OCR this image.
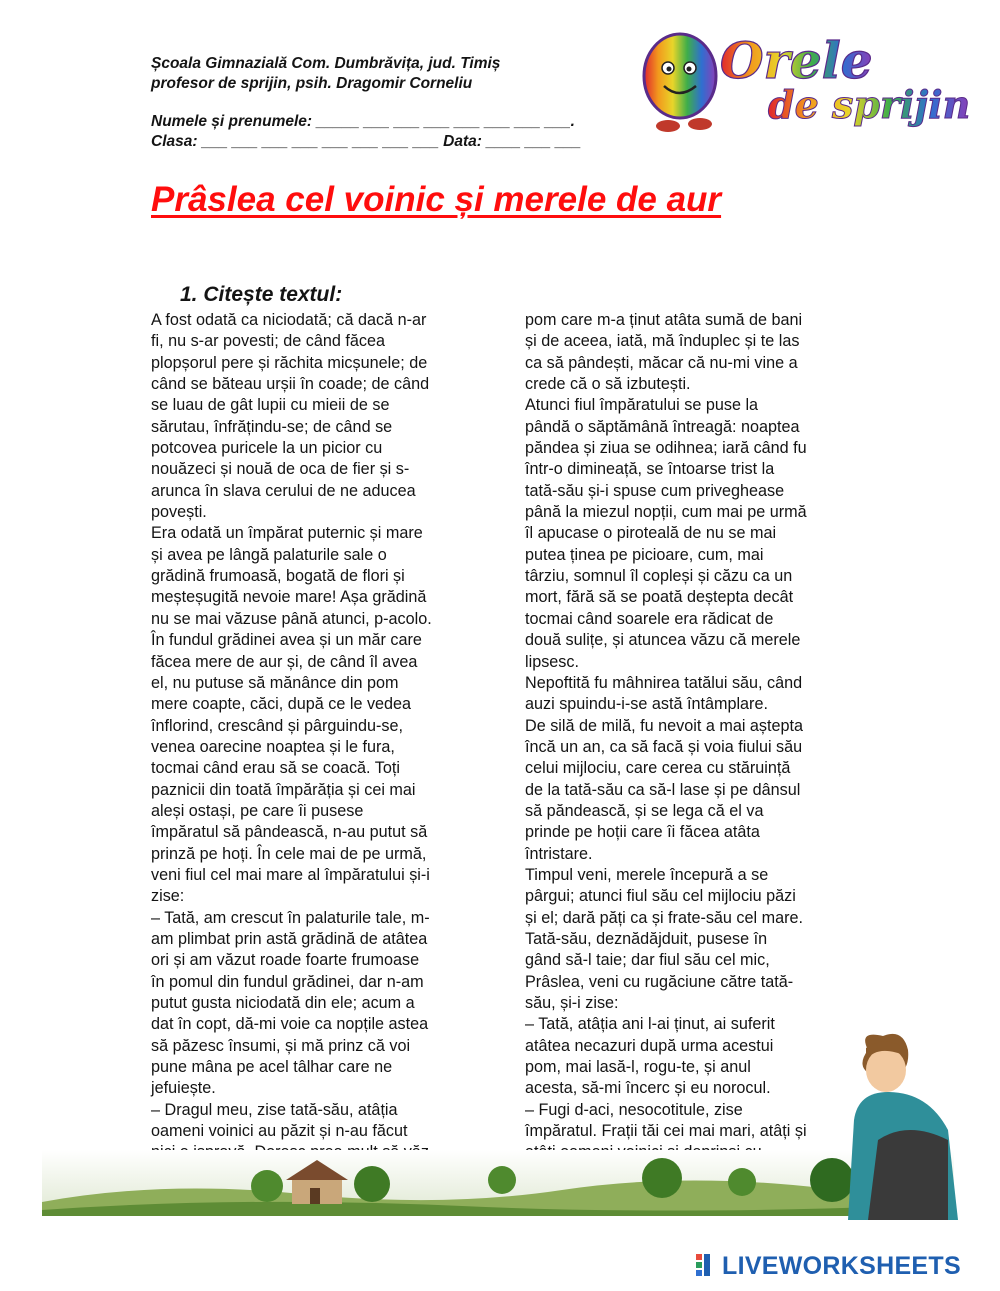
Școala Gimnazială Com. Dumbrăvița, jud. Timiș
profesor de sprijin, psih. Dragomir Corneliu
Numele și prenumele: _____ ___ ___ ___ ___ ___ ___ ___.
Clasa: ___ ___ ___ ___ ___ ___ ___ ___ Data: ____ ___ ___
Orele
de sprijin
Prâslea cel voinic și merele de aur
1. Citește textul:

A fost odată ca niciodată; că dacă n-ar

fi, nu s-ar povesti; de când făcea

plopșorul pere și răchita micșunele; de

când se băteau urșii în coade; de când

se luau de gât lupii cu mieii de se

sărutau, înfrățindu-se; de când se

potcovea puricele la un picior cu

nouăzeci și nouă de oca de fier și s-

arunca în slava cerului de ne aducea

povești.

Era odată un împărat puternic și mare

și avea pe lângă palaturile sale o

grădină frumoasă, bogată de flori și

meșteșugită nevoie mare! Așa grădină

nu se mai văzuse până atunci, p-acolo.

În fundul grădinei avea și un măr care

făcea mere de aur și, de când îl avea

el, nu putuse să mănânce din pom

mere coapte, căci, după ce le vedea

înflorind, crescând și pârguindu-se,

venea oarecine noaptea și le fura,

tocmai când erau să se coacă. Toți

paznicii din toată împărăția și cei mai

aleși ostași, pe care îi pusese

împăratul să pândească, n-au putut să

prinză pe hoți. În cele mai de pe urmă,

veni fiul cel mai mare al împăratului și-i

zise:

– Tată, am crescut în palaturile tale, m-

am plimbat prin astă grădină de atâtea

ori și am văzut roade foarte frumoase

în pomul din fundul grădinei, dar n-am

putut gusta niciodată din ele; acum a

dat în copt, dă-mi voie ca nopțile astea

să păzesc însumi, și mă prinz că voi

pune mâna pe acel tâlhar care ne

jefuiește.

– Dragul meu, zise tată-său, atâția

oameni voinici au păzit și n-au făcut

pom care m-a ținut atâta sumă de bani

și de aceea, iată, mă înduplec și te las

ca să pândești, măcar că nu-mi vine a

crede că o să izbutești.

Atunci fiul împăratului se puse la

pândă o săptămână întreagă: noaptea

păndea și ziua se odihnea; iară când fu

într-o dimineață, se întoarse trist la

tată-său și-i spuse cum priveghease

până la miezul nopții, cum mai pe urmă

îl apucase o piroteală de nu se mai

putea ținea pe picioare, cum, mai

târziu, somnul îl copleși și căzu ca un

mort, fără să se poată deștepta decât

tocmai când soarele era rădicat de

două sulițe, și atuncea văzu că merele

lipsesc.

Nepoftită fu mâhnirea tatălui său, când

auzi spuindu-i-se astă întâmplare.

De silă de milă, fu nevoit a mai aștepta

încă un an, ca să facă și voia fiului său

celui mijlociu, care cerea cu stăruință

de la tată-său ca să-l lase și pe dânsul

să păndească, și se lega că el va

prinde pe hoții care îi făcea atâta

întristare.

Timpul veni, merele începură a se

pârgui; atunci fiul său cel mijlociu păzi

și el; dară păți ca și frate-său cel mare.

Tată-său, deznădăjduit, pusese în

gând să-l taie; dar fiul său cel mic,

Prâslea, veni cu rugăciune către tată-

său, și-i zise:

– Tată, atâția ani l-ai ținut, ai suferit

atâtea necazuri după urma acestui

pom, mai lasă-l, rogu-te, și anul

acesta, să-mi încerc și eu norocul.

– Fugi d-aci, nesocotitule, zise

împăratul. Frații tăi cei mai mari, atâți și

LIVEWORKSHEETS
